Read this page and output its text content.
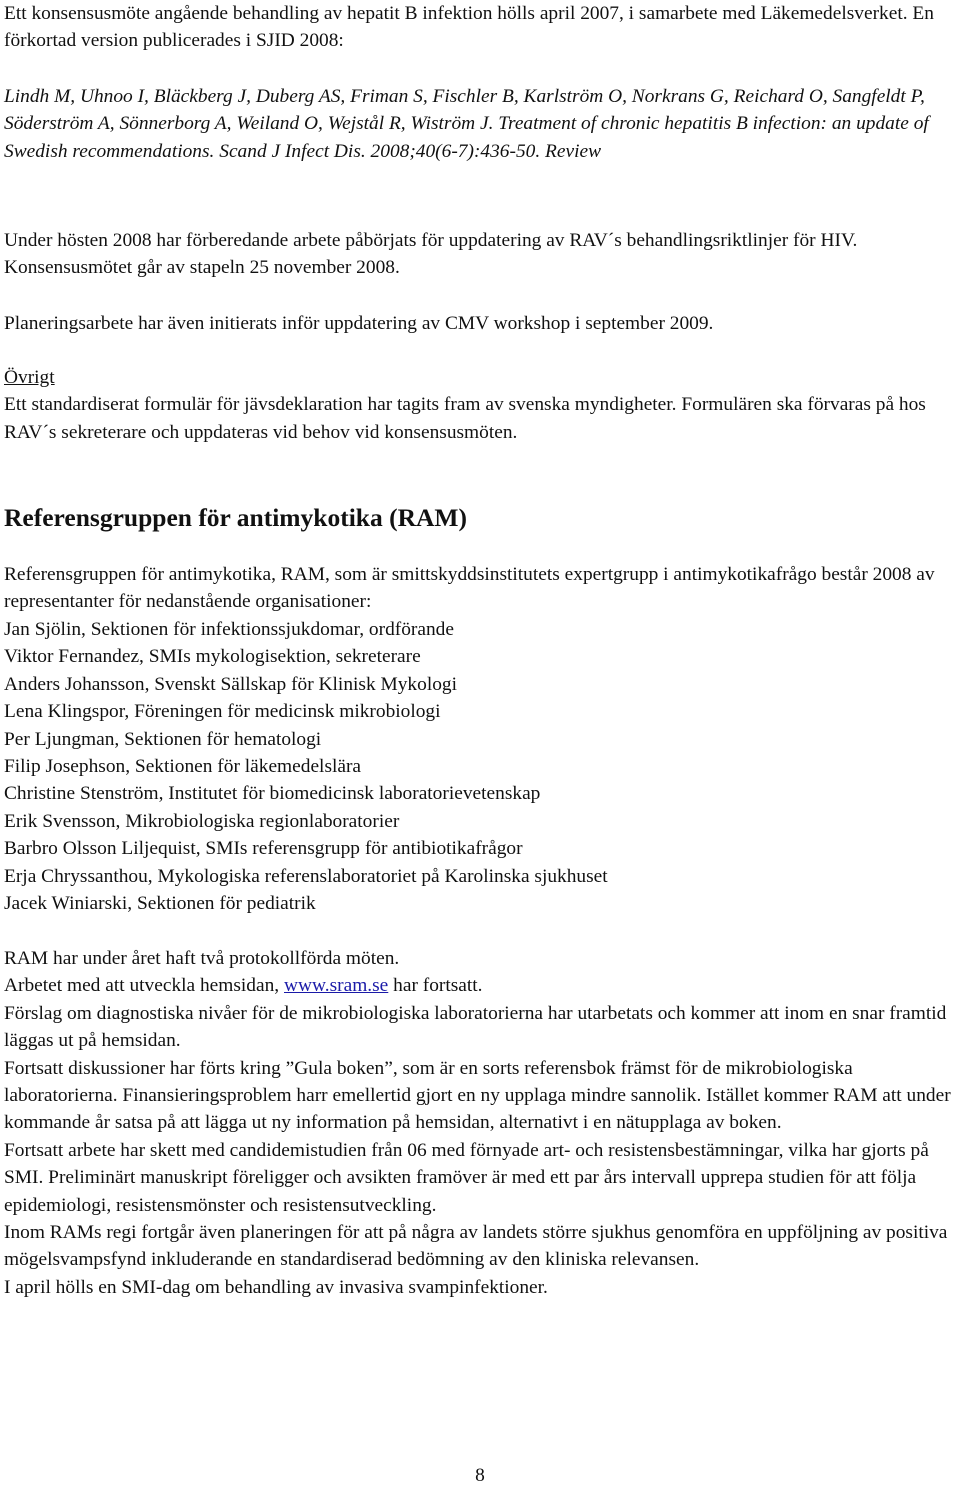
Ett konsensusmöte angående behandling av hepatit B infektion hölls april 2007, i samarbete med Läkemedelsverket. En förkortad version publicerades i SJID 2008:

Lindh M, Uhnoo I, Bläckberg J, Duberg AS, Friman S, Fischler B, Karlström O, Norkrans G, Reichard O, Sangfeldt P, Söderström A, Sönnerborg A, Weiland O, Wejstål R, Wiström J. Treatment of chronic hepatitis B infection: an update of Swedish recommendations. Scand J Infect Dis. 2008;40(6-7):436-50. Review

Under hösten 2008 har förberedande arbete påbörjats för uppdatering av RAV´s behandlingsriktlinjer för HIV. Konsensusmötet går av stapeln 25 november 2008.

Planeringsarbete har även initierats inför uppdatering av CMV workshop i september 2009.

Övrigt

Ett standardiserat formulär för jävsdeklaration har tagits fram av svenska myndigheter. Formulären ska förvaras på hos RAV´s sekreterare och uppdateras vid behov vid konsensusmöten.

Referensgruppen för antimykotika (RAM)

Referensgruppen för antimykotika, RAM, som är smittskyddsinstitutets expertgrupp i antimykotikafrågo består 2008 av representanter för nedanstående organisationer:

Jan Sjölin, Sektionen för infektionssjukdomar, ordförande
Viktor Fernandez, SMIs mykologisektion, sekreterare
Anders Johansson, Svenskt Sällskap för Klinisk Mykologi
Lena Klingspor, Föreningen för medicinsk mikrobiologi
Per Ljungman, Sektionen för hematologi
Filip Josephson, Sektionen för läkemedelslära
Christine Stenström, Institutet för biomedicinsk laboratorievetenskap
Erik Svensson, Mikrobiologiska regionlaboratorier
Barbro Olsson Liljequist, SMIs referensgrupp för antibiotikafrågor
Erja Chryssanthou, Mykologiska referenslaboratoriet på Karolinska sjukhuset
Jacek Winiarski, Sektionen för pediatrik

RAM har under året haft två protokollförda möten.

Arbetet med att utveckla hemsidan, www.sram.se har fortsatt.

Förslag om diagnostiska nivåer för de mikrobiologiska laboratorierna har utarbetats och kommer att inom en snar framtid läggas ut på hemsidan.

Fortsatt diskussioner har förts kring ”Gula boken”, som är en sorts referensbok främst för de mikrobiologiska laboratorierna. Finansieringsproblem harr emellertid gjort en ny upplaga mindre sannolik. Istället kommer RAM att under kommande år satsa på att lägga ut ny information på hemsidan, alternativt i en nätupplaga av boken.

Fortsatt arbete har skett med candidemistudien från 06 med förnyade art- och resistensbestämningar, vilka har gjorts på SMI. Preliminärt manuskript föreligger och avsikten framöver är med ett par års intervall upprepa studien för att följa epidemiologi, resistensmönster och resistensutveckling.

Inom RAMs regi fortgår även planeringen för att på några av landets större sjukhus genomföra en uppföljning av positiva mögelsvampsfynd inkluderande en standardiserad bedömning av den kliniska relevansen.

I april hölls en SMI-dag om behandling av invasiva svampinfektioner.

8
